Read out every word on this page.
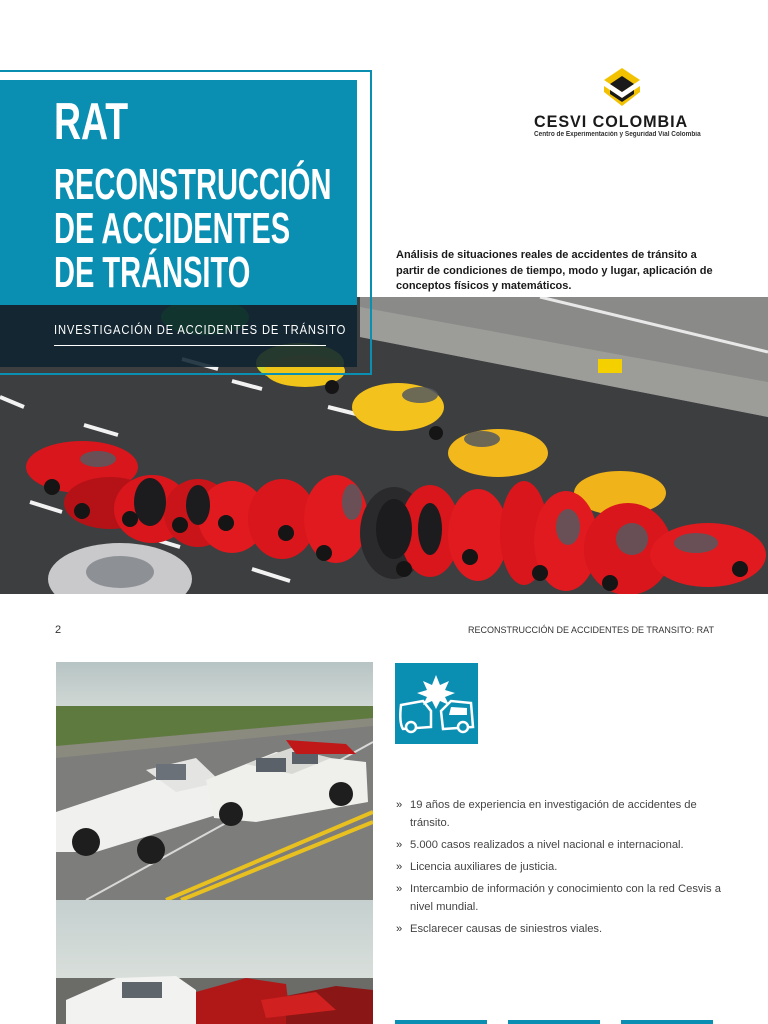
RAT
RECONSTRUCCIÓN
DE ACCIDENTES
DE TRÁNSITO
INVESTIGACIÓN DE ACCIDENTES DE TRÁNSITO
CESVI COLOMBIA
Centro de Experimentación y Seguridad Vial Colombia
Análisis de situaciones reales de accidentes de tránsito a partir de condiciones de tiempo, modo y lugar, aplicación de conceptos físicos y matemáticos.
2	RECONSTRUCCIÓN DE ACCIDENTES DE TRANSITO: RAT
» 19 años de experiencia en investigación de accidentes de tránsito.
» 5.000 casos realizados a nivel nacional e internacional.
» Licencia auxiliares de justicia.
» Intercambio de información y conocimiento con la red Cesvis a nivel mundial.
» Esclarecer causas de siniestros viales.
